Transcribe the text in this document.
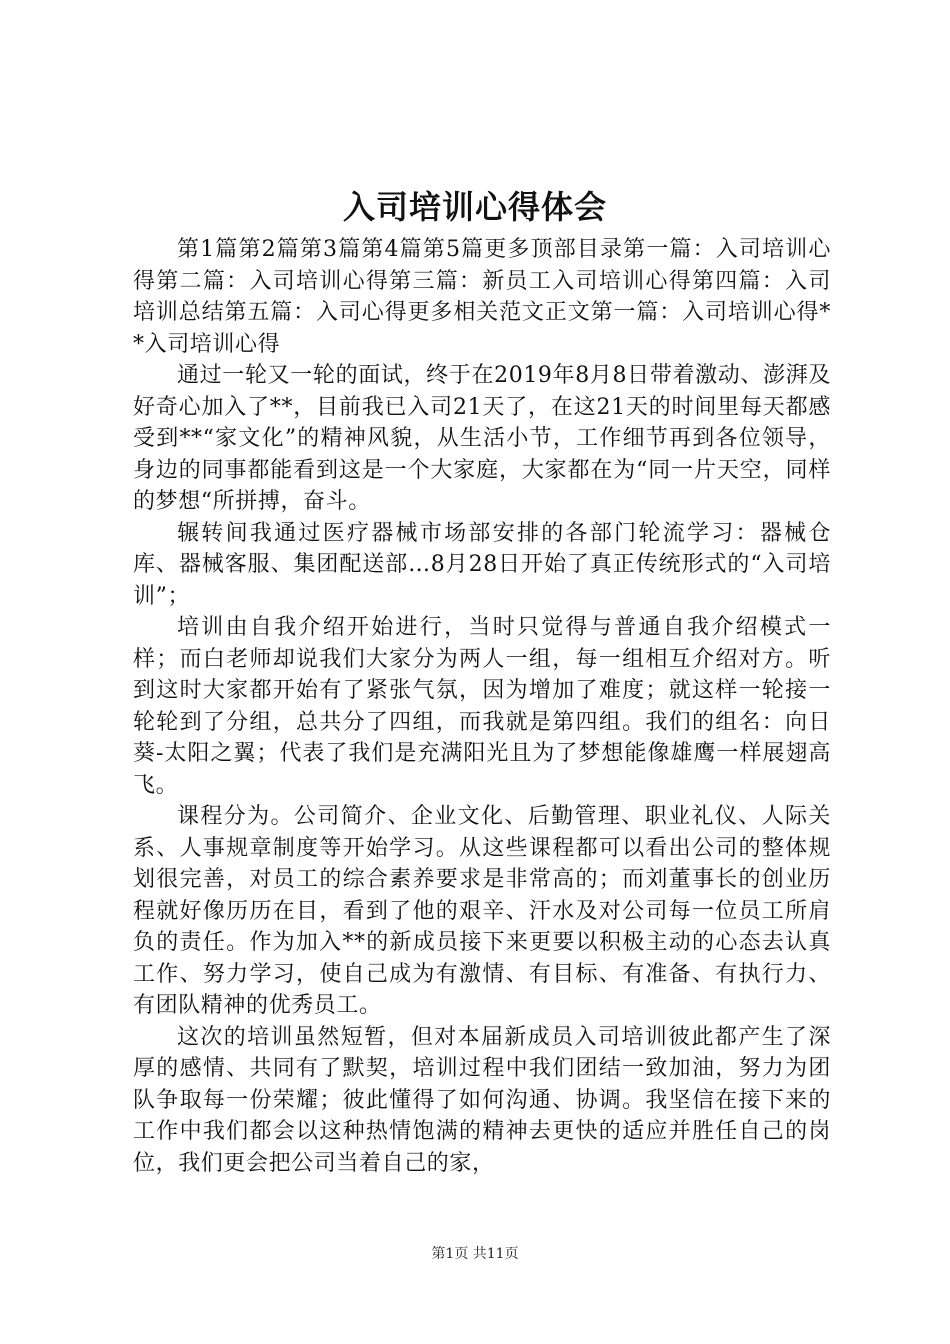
入司培训心得体会

第1篇第2篇第3篇第4篇第5篇更多顶部目录第一篇：入司培训心得第二篇：入司培训心得第三篇：新员工入司培训心得第四篇：入司培训总结第五篇：入司心得更多相关范文正文第一篇：入司培训心得**入司培训心得

通过一轮又一轮的面试，终于在2019年8月8日带着激动、澎湃及好奇心加入了**，目前我已入司21天了，在这21天的时间里每天都感受到**“家文化”的精神风貌，从生活小节，工作细节再到各位领导，身边的同事都能看到这是一个大家庭，大家都在为“同一片天空，同样的梦想“所拼搏，奋斗。

辗转间我通过医疗器械市场部安排的各部门轮流学习：器械仓库、器械客服、集团配送部…8月28日开始了真正传统形式的“入司培训”；

培训由自我介绍开始进行，当时只觉得与普通自我介绍模式一样；而白老师却说我们大家分为两人一组，每一组相互介绍对方。听到这时大家都开始有了紧张气氛，因为增加了难度；就这样一轮接一轮轮到了分组，总共分了四组，而我就是第四组。我们的组名：向日葵-太阳之翼；代表了我们是充满阳光且为了梦想能像雄鹰一样展翅高飞。

课程分为。公司简介、企业文化、后勤管理、职业礼仪、人际关系、人事规章制度等开始学习。从这些课程都可以看出公司的整体规划很完善，对员工的综合素养要求是非常高的；而刘董事长的创业历程就好像历历在目，看到了他的艰辛、汗水及对公司每一位员工所肩负的责任。作为加入**的新成员接下来更要以积极主动的心态去认真工作、努力学习，使自己成为有激情、有目标、有准备、有执行力、有团队精神的优秀员工。

这次的培训虽然短暂，但对本届新成员入司培训彼此都产生了深厚的感情、共同有了默契，培训过程中我们团结一致加油，努力为团队争取每一份荣耀；彼此懂得了如何沟通、协调。我坚信在接下来的工作中我们都会以这种热情饱满的精神去更快的适应并胜任自己的岗位，我们更会把公司当着自己的家，

第1页 共11页
